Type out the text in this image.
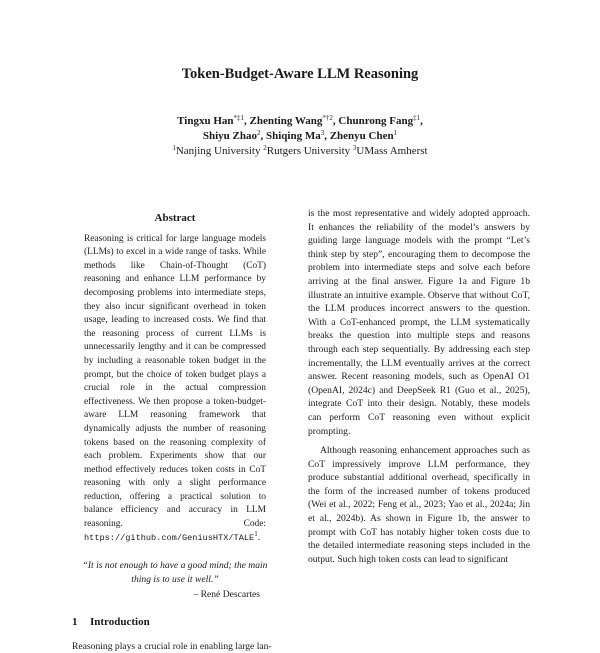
Token-Budget-Aware LLM Reasoning
Tingxu Han$^{*\ddagger 1}$, Zhenting Wang$^{*\dagger 2}$, Chunrong Fang$^{\ddagger 1}$,
Shiyu Zhao$^2$, Shiqing Ma$^3$, Zhenyu Chen$^1$
$^1$Nanjing University $^2$Rutgers University $^3$UMass Amherst
Abstract
Reasoning is critical for large language models (LLMs) to excel in a wide range of tasks. While methods like Chain-of-Thought (CoT) reasoning and enhance LLM performance by decomposing problems into intermediate steps, they also incur significant overhead in token usage, leading to increased costs. We find that the reasoning process of current LLMs is unnecessarily lengthy and it can be compressed by including a reasonable token budget in the prompt, but the choice of token budget plays a crucial role in the actual compression effectiveness. We then propose a token-budget-aware LLM reasoning framework that dynamically adjusts the number of reasoning tokens based on the reasoning complexity of each problem. Experiments show that our method effectively reduces token costs in CoT reasoning with only a slight performance reduction, offering a practical solution to balance efficiency and accuracy in LLM reasoning. Code: https://github.com/GeniusHTX/TALE$^1$.
“It is not enough to have a good mind; the main thing is to use it well.”
– René Descartes
1 Introduction
Reasoning plays a crucial role in enabling large lan-

is the most representative and widely adopted approach. It enhances the reliability of the model’s answers by guiding large language models with the prompt “Let’s think step by step”, encouraging them to decompose the problem into intermediate steps and solve each before arriving at the final answer. Figure 1a and Figure 1b illustrate an intuitive example. Observe that without CoT, the LLM produces incorrect answers to the question. With a CoT-enhanced prompt, the LLM systematically breaks the question into multiple steps and reasons through each step sequentially. By addressing each step incrementally, the LLM eventually arrives at the correct answer. Recent reasoning models, such as OpenAI O1 (OpenAI, 2024c) and DeepSeek R1 (Guo et al., 2025), integrate CoT into their design. Notably, these models can perform CoT reasoning even without explicit prompting.

Although reasoning enhancement approaches such as CoT impressively improve LLM performance, they produce substantial additional overhead, specifically in the form of the increased number of tokens produced (Wei et al., 2022; Feng et al., 2023; Yao et al., 2024a; Jin et al., 2024b). As shown in Figure 1b, the answer to prompt with CoT has notably higher token costs due to the detailed intermediate reasoning steps included in the output. Such high token costs can lead to significant
